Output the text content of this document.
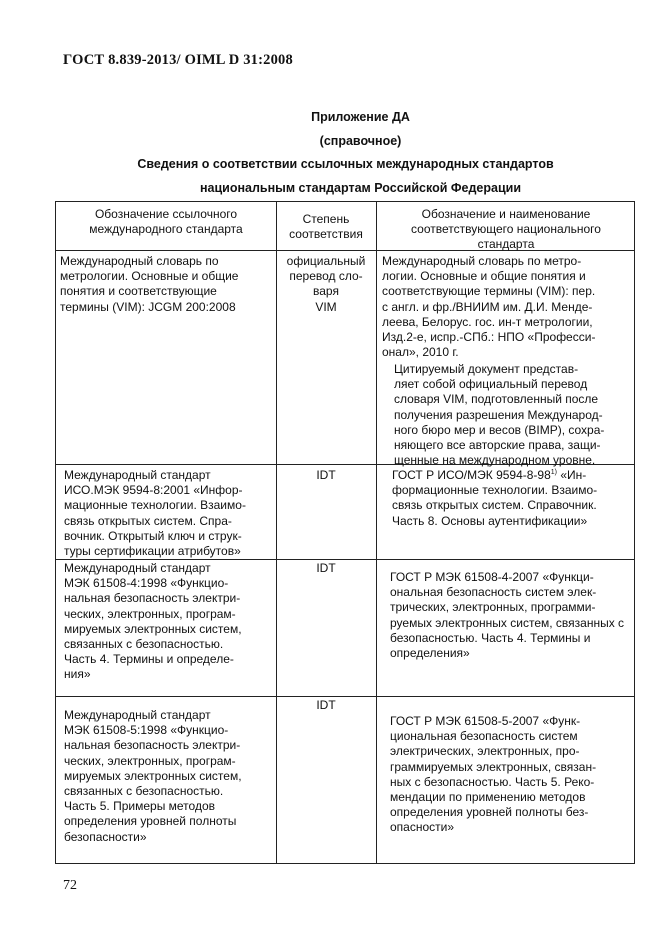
ГОСТ 8.839-2013/ OIML D 31:2008
Приложение ДА
(справочное)
Сведения о соответствии ссылочных международных стандартов
национальным стандартам Российской Федерации
Обозначение ссылочного
международного стандарта
Степень
соответствия
Обозначение и наименование
соответствующего национального
стандарта
Международный словарь по
метрологии. Основные и общие
понятия и соответствующие
термины (VIM): JCGM 200:2008
официальный
перевод сло-
варя
VIM
Международный словарь по метро-
логии. Основные и общие понятия и
соответствующие термины (VIM): пер.
с англ. и фр./ВНИИМ им. Д.И. Менде-
леева, Белорус. гос. ин-т метрологии,
Изд.2-е, испр.-СПб.: НПО «Професси-
онал», 2010 г.
Цитируемый документ представ-
ляет собой официальный перевод
словаря VIM, подготовленный после
получения разрешения Международ-
ного бюро мер и весов (BIMP), сохра-
няющего все авторские права, защи-
щенные на международном уровне.
Международный стандарт
ИСО.МЭК 9594-8:2001 «Инфор-
мационные технологии. Взаимо-
связь открытых систем. Спра-
вочник. Открытый ключ и струк-
туры сертификации атрибутов»
IDT	ГОСТ Р ИСО/МЭК 9594-8-98$^{1)}$ «Ин-
формационные технологии. Взаимо-
связь открытых систем. Справочник.
Часть 8. Основы аутентификации»
Международный стандарт
МЭК 61508-4:1998 «Функцио-
нальная безопасность электри-
ческих, электронных, програм-
мируемых электронных систем,
связанных с безопасностью.
Часть 4. Термины и определе-
ния»
IDT
ГОСТ Р МЭК 61508-4-2007 «Функци-
ональная безопасность систем элек-
трических, электронных, программи-
руемых электронных систем, связанных с
безопасностью. Часть 4. Термины и
определения»
Международный стандарт
МЭК 61508-5:1998 «Функцио-
нальная безопасность электри-
ческих, электронных, програм-
мируемых электронных систем,
связанных с безопасностью.
Часть 5. Примеры методов
определения уровней полноты
безопасности»
IDT
ГОСТ Р МЭК 61508-5-2007 «Функ-
циональная безопасность систем
электрических, электронных, про-
граммируемых электронных, связан-
ных с безопасностью. Часть 5. Реко-
мендации по применению методов
определения уровней полноты без-
опасности»
72
